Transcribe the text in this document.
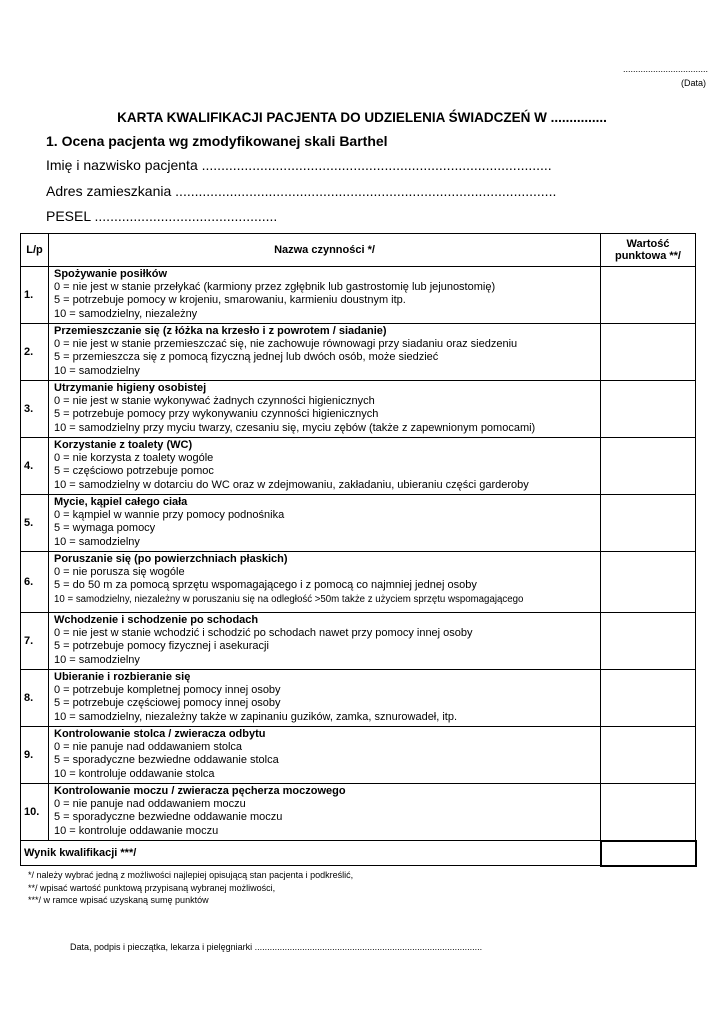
..................................
(Data)
KARTA KWALIFIKACJI PACJENTA DO UDZIELENIA ŚWIADCZEŃ W ...............
1. Ocena pacjenta wg zmodyfikowanej skali Barthel
Imię i nazwisko pacjenta ..........................................................................................
Adres zamieszkania ..................................................................................................
PESEL ...............................................
L/p	Nazwa czynności */	Wartość
punktowa **/

1.	Spożywanie posiłków
0 = nie jest w stanie przełykać (karmiony przez zgłębnik lub gastrostomię lub jejunostomię)
5 = potrzebuje pomocy w krojeniu, smarowaniu, karmieniu doustnym itp.
10 = samodzielny, niezależny	

2.	Przemieszczanie się (z łóżka na krzesło i z powrotem / siadanie)
0 = nie jest w stanie przemieszczać się, nie zachowuje równowagi przy siadaniu oraz siedzeniu
5 = przemieszcza się z pomocą fizyczną jednej lub dwóch osób, może siedzieć
10 = samodzielny	

3.	Utrzymanie higieny osobistej
0 = nie jest w stanie wykonywać żadnych czynności higienicznych
5 = potrzebuje pomocy przy wykonywaniu czynności higienicznych
10 = samodzielny przy myciu twarzy, czesaniu się, myciu zębów (także z zapewnionym pomocami)	

4.	Korzystanie z toalety (WC)
0 = nie korzysta z toalety wogóle
5 = częściowo potrzebuje pomoc
10 = samodzielny w dotarciu do WC oraz w zdejmowaniu, zakładaniu, ubieraniu części garderoby	

5.	Mycie, kąpiel całego ciała
0 = kąmpiel w wannie przy pomocy podnośnika
5 = wymaga pomocy
10 = samodzielny	

6.	Poruszanie się (po powierzchniach płaskich)
0 = nie porusza się wogóle
5 = do 50 m za pomocą sprzętu wspomagającego i z pomocą co najmniej jednej osoby
10 = samodzielny, niezależny w poruszaniu się na odległość >50m także z użyciem sprzętu wspomagającego	

7.	Wchodzenie i schodzenie po schodach
0 = nie jest w stanie wchodzić i schodzić po schodach nawet przy pomocy innej osoby
5 = potrzebuje pomocy fizycznej i asekuracji
10 = samodzielny	

8.	Ubieranie i rozbieranie się
0 = potrzebuje kompletnej pomocy innej osoby
5 = potrzebuje częściowej pomocy innej osoby
10 = samodzielny, niezależny także w zapinaniu guzików, zamka, sznurowadeł, itp.	

9.	Kontrolowanie stolca / zwieracza odbytu
0 = nie panuje nad oddawaniem stolca
5 = sporadyczne bezwiedne oddawanie stolca
10 = kontroluje oddawanie stolca	

10.	Kontrolowanie moczu / zwieracza pęcherza moczowego
0 = nie panuje nad oddawaniem moczu
5 = sporadyczne bezwiedne oddawanie moczu
10 = kontroluje oddawanie moczu	

Wynik kwalifikacji ***/		
*/ należy wybrać jedną z możliwości najlepiej opisującą stan pacjenta i podkreślić,
**/ wpisać wartość punktową przypisaną wybranej możliwości,
***/ w ramce wpisać uzyskaną sumę punktów
Data, podpis i pieczątka, lekarza i pielęgniarki ...........................................................................................
